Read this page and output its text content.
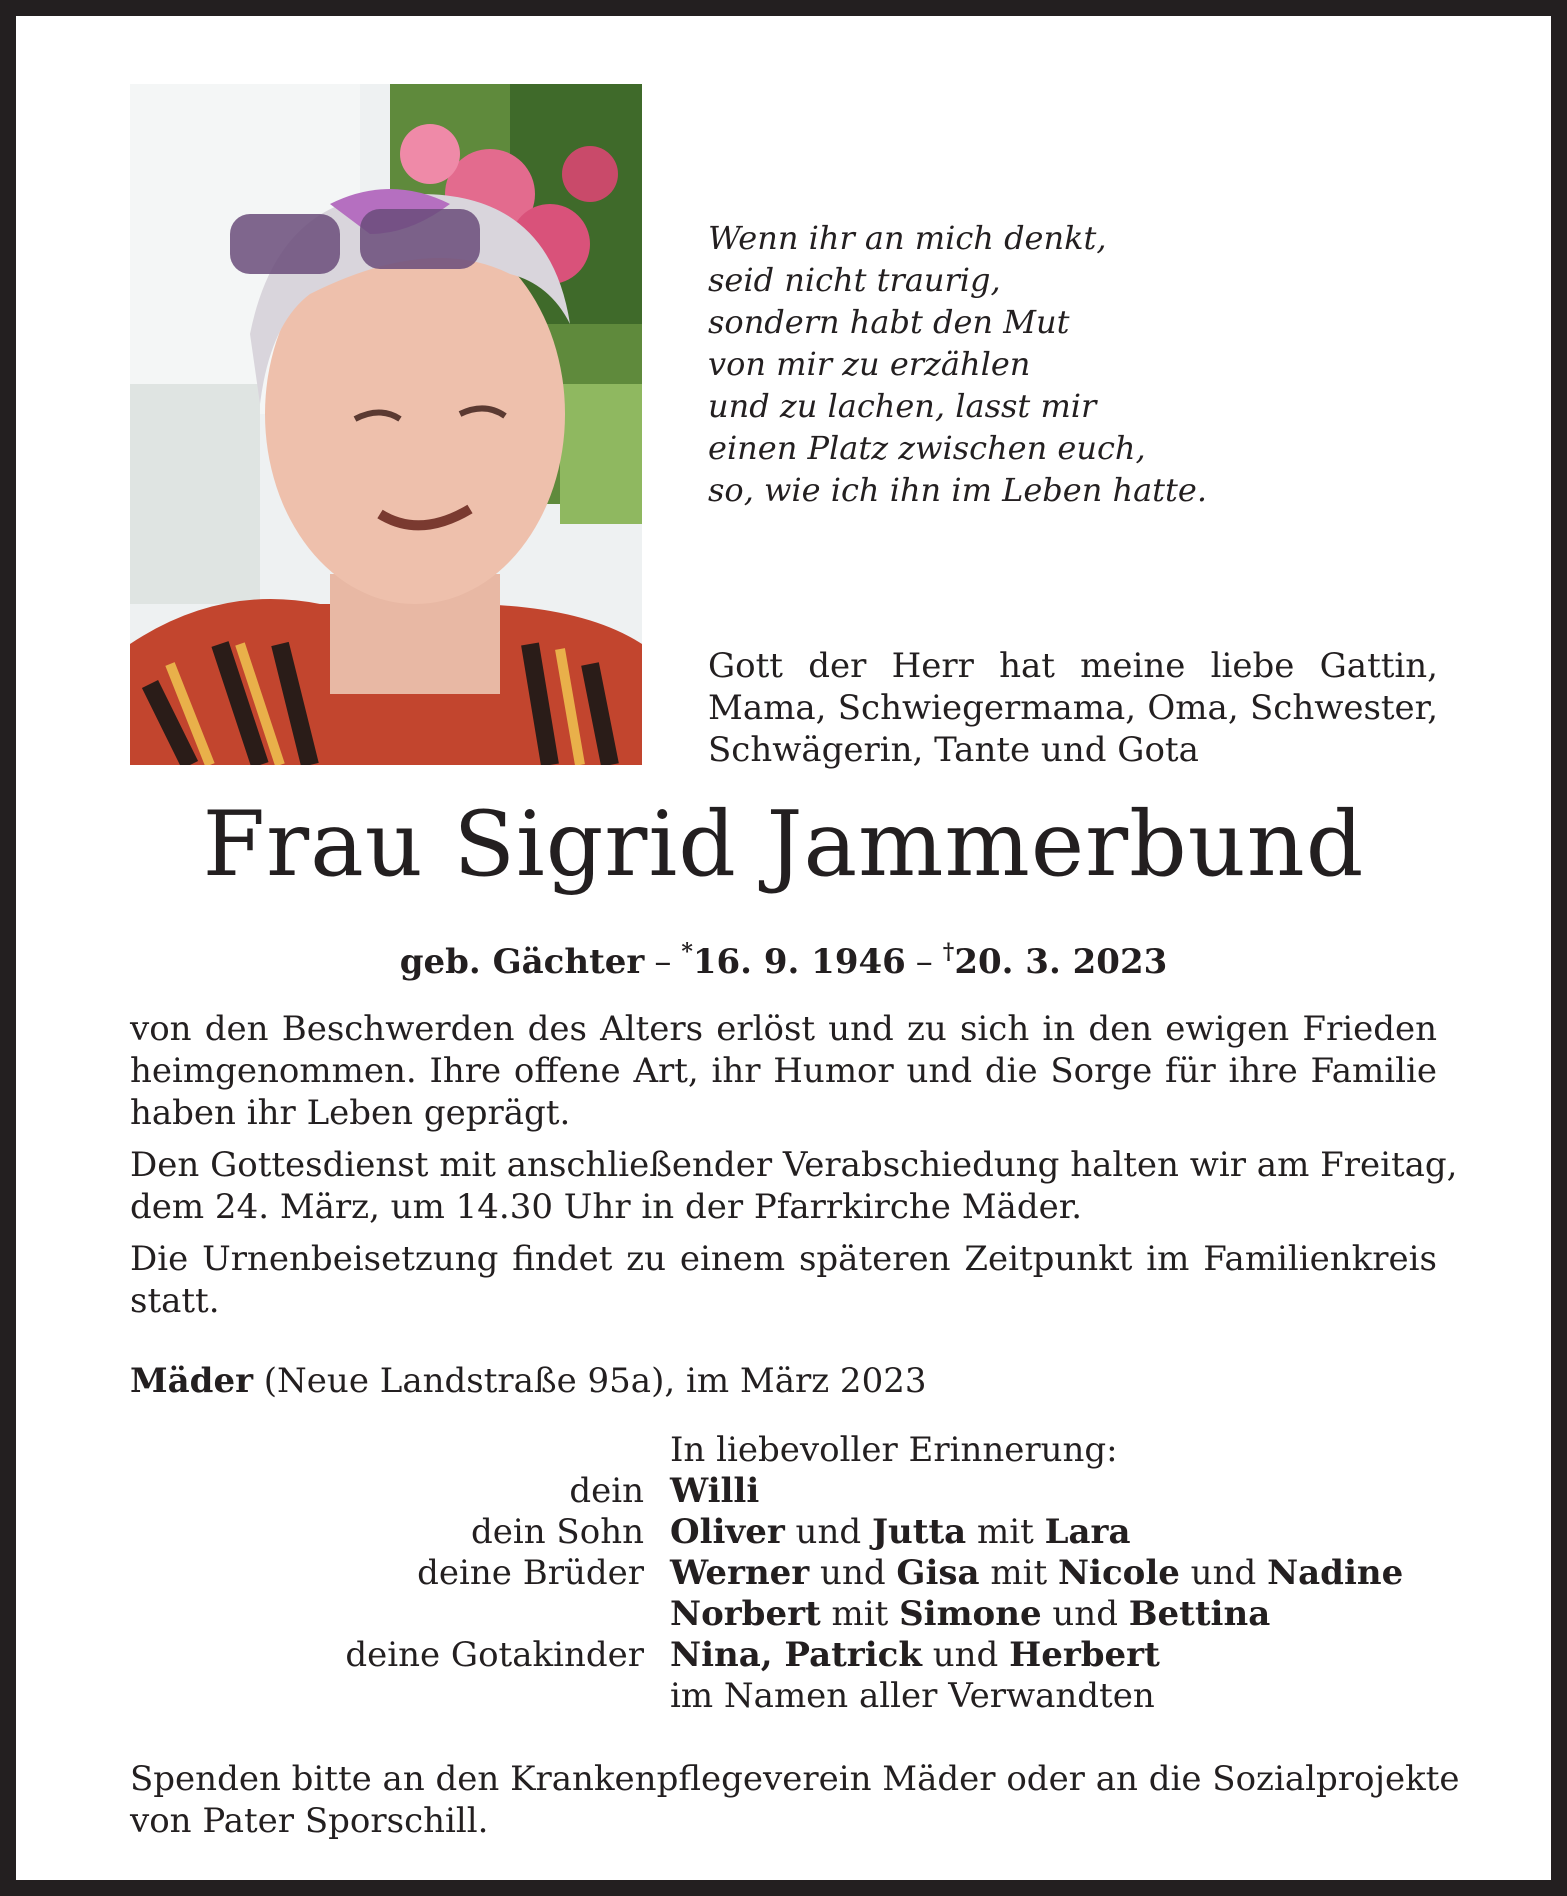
Wenn ihr an mich denkt,
seid nicht traurig,
sondern habt den Mut
von mir zu erzählen
und zu lachen, lasst mir
einen Platz zwischen euch,
so, wie ich ihn im Leben hatte.
Gott der Herr hat meine liebe Gattin,
Mama, Schwiegermama, Oma, Schwester,
Schwägerin, Tante und Gota
Frau Sigrid Jammerbund
geb. Gächter – *16. 9. 1946 – †20. 3. 2023

von den Beschwerden des Alters erlöst und zu sich in den ewigen Frieden
heimgenommen. Ihre offene Art, ihr Humor und die Sorge für ihre Familie
haben ihr Leben geprägt.

Den Gottesdienst mit anschließender Verabschiedung halten wir am Freitag,
dem 24. März, um 14.30 Uhr in der Pfarrkirche Mäder.

Die Urnenbeisetzung findet zu einem späteren Zeitpunkt im Familienkreis
statt.

Mäder (Neue Landstraße 95a), im März 2023
In liebevoller Erinnerung:
dein Willi
dein Sohn Oliver und Jutta mit Lara
deine Brüder Werner und Gisa mit Nicole und Nadine
Norbert mit Simone und Bettina
deine Gotakinder Nina, Patrick und Herbert
im Namen aller Verwandten
Spenden bitte an den Krankenpflegeverein Mäder oder an die Sozialprojekte
von Pater Sporschill.
